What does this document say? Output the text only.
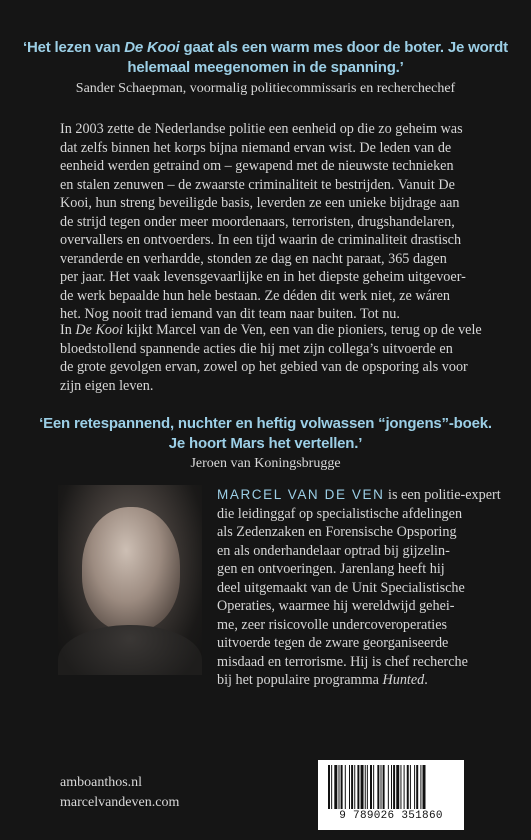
‘Het lezen van De Kooi gaat als een warm mes door de boter. Je wordt
helemaal meegenomen in de spanning.’
Sander Schaepman, voormalig politiecommissaris en recherchechef
In 2003 zette de Nederlandse politie een eenheid op die zo geheim was
dat zelfs binnen het korps bijna niemand ervan wist. De leden van de
eenheid werden getraind om – gewapend met de nieuwste technieken
en stalen zenuwen – de zwaarste criminaliteit te bestrijden. Vanuit De
Kooi, hun streng beveiligde basis, leverden ze een unieke bijdrage aan
de strijd tegen onder meer moordenaars, terroristen, drugshandelaren,
overvallers en ontvoerders. In een tijd waarin de criminaliteit drastisch
veranderde en verhardde, stonden ze dag en nacht paraat, 365 dagen
per jaar. Het vaak levensgevaarlijke en in het diepste geheim uitgevoer-
de werk bepaalde hun hele bestaan. Ze déden dit werk niet, ze wáren
het. Nog nooit trad iemand van dit team naar buiten. Tot nu.
In De Kooi kijkt Marcel van de Ven, een van die pioniers, terug op de vele
bloedstollend spannende acties die hij met zijn collega’s uitvoerde en
de grote gevolgen ervan, zowel op het gebied van de opsporing als voor
zijn eigen leven.
‘Een retespannend, nuchter en heftig volwassen “jongens”-boek.
Je hoort Mars het vertellen.’
Jeroen van Koningsbrugge
MARCEL VAN DE VEN is een politie-expert
die leidinggaf op specialistische afdelingen
als Zedenzaken en Forensische Opsporing
en als onderhandelaar optrad bij gijzelin-
gen en ontvoeringen. Jarenlang heeft hij
deel uitgemaakt van de Unit Specialistische
Operaties, waarmee hij wereldwijd gehei-
me, zeer risicovolle undercoveroperaties
uitvoerde tegen de zware georganiseerde
misdaad en terrorisme. Hij is chef recherche
bij het populaire programma Hunted.
amboanthos.nl
marcelvandeven.com
9 789026 351860
